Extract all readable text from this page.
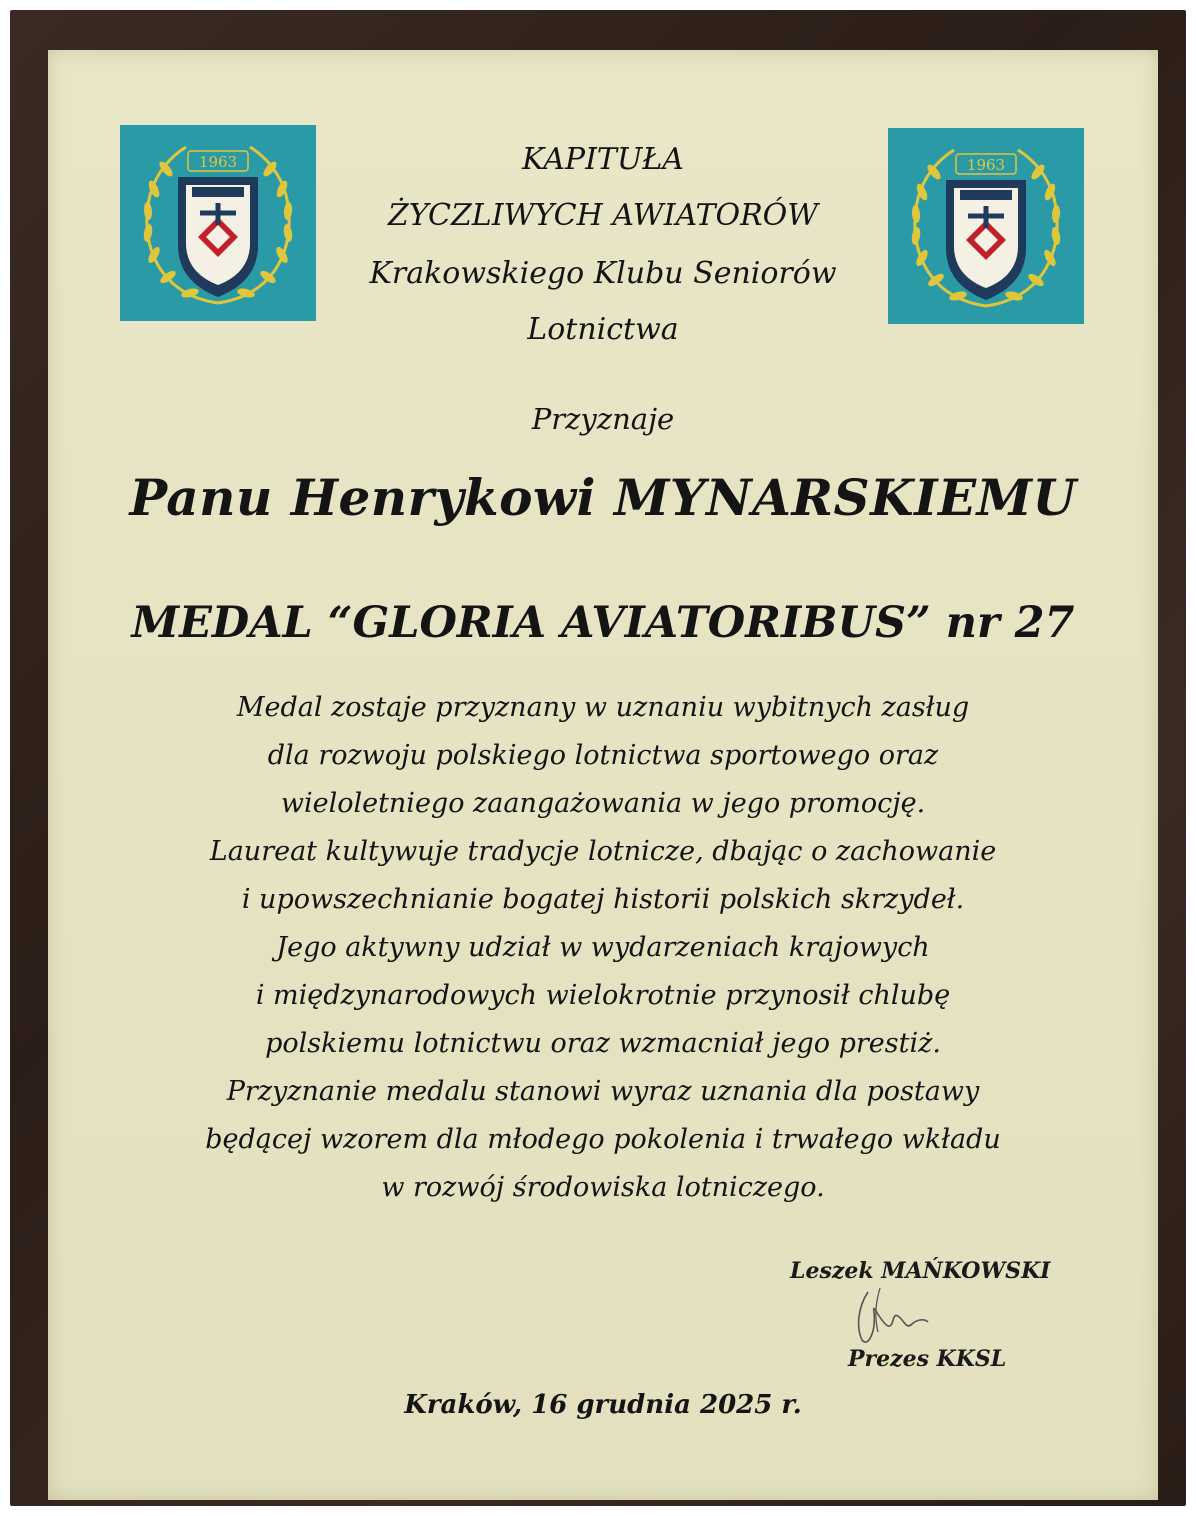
1963	1963
KAPITUŁA
ŻYCZLIWYCH AWIATORÓW
Krakowskiego Klubu Seniorów
Lotnictwa
Przyznaje
Panu Henrykowi MYNARSKIEMU
MEDAL “GLORIA AVIATORIBUS” nr 27
Medal zostaje przyznany w uznaniu wybitnych zasług
dla rozwoju polskiego lotnictwa sportowego oraz
wieloletniego zaangażowania w jego promocję.
Laureat kultywuje tradycje lotnicze, dbając o zachowanie
i upowszechnianie bogatej historii polskich skrzydeł.
Jego aktywny udział w wydarzeniach krajowych
i międzynarodowych wielokrotnie przynosił chlubę
polskiemu lotnictwu oraz wzmacniał jego prestiż.
Przyznanie medalu stanowi wyraz uznania dla postawy
będącej wzorem dla młodego pokolenia i trwałego wkładu
w rozwój środowiska lotniczego.
Leszek MAŃKOWSKI
Prezes KKSL
Kraków, 16 grudnia 2025 r.
